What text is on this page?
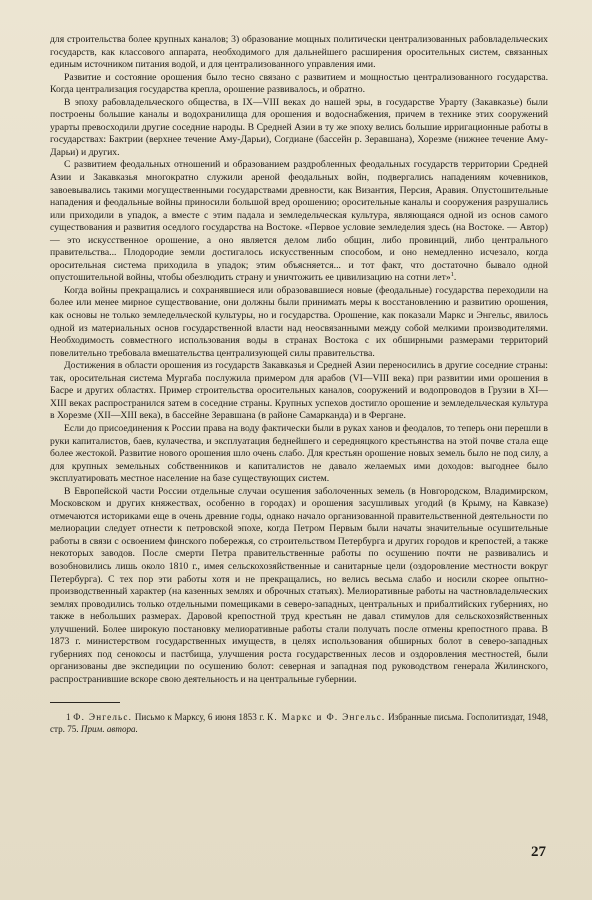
для строительства более крупных каналов; 3) образование мощных политически централизованных рабовладельческих государств, как классового аппарата, необходимого для дальнейшего расширения оросительных систем, связанных единым источником питания водой, и для централизованного управления ими.

Развитие и состояние орошения было тесно связано с развитием и мощностью централизованного государства. Когда централизация государства крепла, орошение развивалось, и обратно.

В эпоху рабовладельческого общества, в IX—VIII веках до нашей эры, в государстве Урарту (Закавказье) были построены большие каналы и водохранилища для орошения и водоснабжения, причем в технике этих сооружений урарты превосходили другие соседние народы. В Средней Азии в ту же эпоху велись большие ирригационные работы в государствах: Бактрии (верхнее течение Аму-Дарьи), Согдиане (бассейн р. Зеравшана), Хорезме (нижнее течение Аму-Дарьи) и других.

С развитием феодальных отношений и образованием раздробленных феодальных государств территории Средней Азии и Закавказья многократно служили ареной феодальных войн, подвергались нападениям кочевников, завоевывались такими могущественными государствами древности, как Византия, Персия, Аравия. Опустошительные нападения и феодальные войны приносили большой вред орошению; оросительные каналы и сооружения разрушались или приходили в упадок, а вместе с этим падала и земледельческая культура, являющаяся одной из основ самого существования и развития оседлого государства на Востоке. «Первое условие земледелия здесь (на Востоке. — Автор) — это искусственное орошение, а оно является делом либо общин, либо провинций, либо центрального правительства... Плодородие земли достигалось искусственным способом, и оно немедленно исчезало, когда оросительная система приходила в упадок; этим объясняется... и тот факт, что достаточно бывало одной опустошительной войны, чтобы обезлюдить страну и уничтожить ее цивилизацию на сотни лет»$^1$.

Когда войны прекращались и сохранявшиеся или образовавшиеся новые (феодальные) государства переходили на более или менее мирное существование, они должны были принимать меры к восстановлению и развитию орошения, как основы не только земледельческой культуры, но и государства. Орошение, как показали Маркс и Энгельс, явилось одной из материальных основ государственной власти над неосвязанными между собой мелкими производителями. Необходимость совместного использования воды в странах Востока с их обширными размерами территорий повелительно требовала вмешательства централизующей силы правительства.

Достижения в области орошения из государств Закавказья и Средней Азии переносились в другие соседние страны: так, оросительная система Мургаба послужила примером для арабов (VI—VIII века) при развитии ими орошения в Басре и других областях. Пример строительства оросительных каналов, сооружений и водопроводов в Грузии в XI—XIII веках распространился затем в соседние страны. Крупных успехов достигло орошение и земледельческая культура в Хорезме (XII—XIII века), в бассейне Зеравшана (в районе Самарканда) и в Фергане.

Если до присоединения к России права на воду фактически были в руках ханов и феодалов, то теперь они перешли в руки капиталистов, баев, кулачества, и эксплуатация беднейшего и середняцкого крестьянства на этой почве стала еще более жестокой. Развитие нового орошения шло очень слабо. Для крестьян орошение новых земель было не под силу, а для крупных земельных собственников и капиталистов не давало желаемых ими доходов: выгоднее было эксплуатировать местное население на базе существующих систем.

В Европейской части России отдельные случаи осушения заболоченных земель (в Новгородском, Владимирском, Московском и других княжествах, особенно в городах) и орошения засушливых угодий (в Крыму, на Кавказе) отмечаются историками еще в очень древние годы, однако начало организованной правительственной деятельности по мелиорации следует отнести к петровской эпохе, когда Петром Первым были начаты значительные осушительные работы в связи с освоением финского побережья, со строительством Петербурга и других городов и крепостей, а также некоторых заводов. После смерти Петра правительственные работы по осушению почти не развивались и возобновились лишь около 1810 г., имея сельскохозяйственные и санитарные цели (оздоровление местности вокруг Петербурга). С тех пор эти работы хотя и не прекращались, но велись весьма слабо и носили скорее опытно-производственный характер (на казенных землях и оброчных статьях). Мелиоративные работы на частновладельческих землях проводились только отдельными помещиками в северо-западных, центральных и прибалтийских губерниях, но также в небольших размерах. Даровой крепостной труд крестьян не давал стимулов для сельскохозяйственных улучшений. Более широкую постановку мелиоративные работы стали получать после отмены крепостного права. В 1873 г. министерством государственных имуществ, в целях использования обширных болот в северо-западных губерниях под сенокосы и пастбища, улучшения роста государственных лесов и оздоровления местностей, были организованы две экспедиции по осушению болот: северная и западная под руководством генерала Жилинского, распространившие вскоре свою деятельность и на центральные губернии.

1 Ф. Энгельс. Письмо к Марксу, 6 июня 1853 г. К. Маркс и Ф. Энгельс. Избранные письма. Госполитиздат, 1948, стр. 75. Прим. автора.

27
